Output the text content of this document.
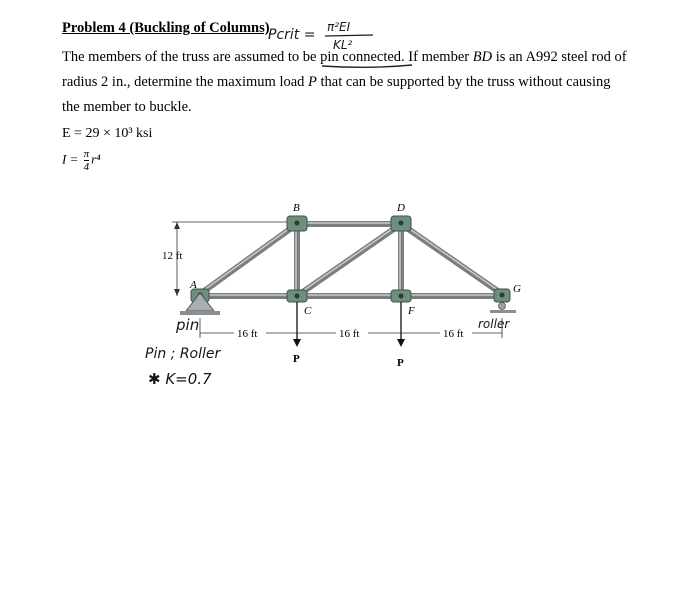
Problem 4 (Buckling of Columns)
The members of the truss are assumed to be pin connected. If member BD is an A992 steel rod of
radius 2 in., determine the maximum load P that can be supported by the truss without causing
the member to buckle.
E = 29 × 10³ ksi
$I = \frac{\pi}{4} r^4$
Pcrit = π²EI
KL²
12 ft
B	D
A
C	F
G
16 ft	16 ft	16 ft
P	P
pin
Pin ; Roller
✱ K=0.7
roller
